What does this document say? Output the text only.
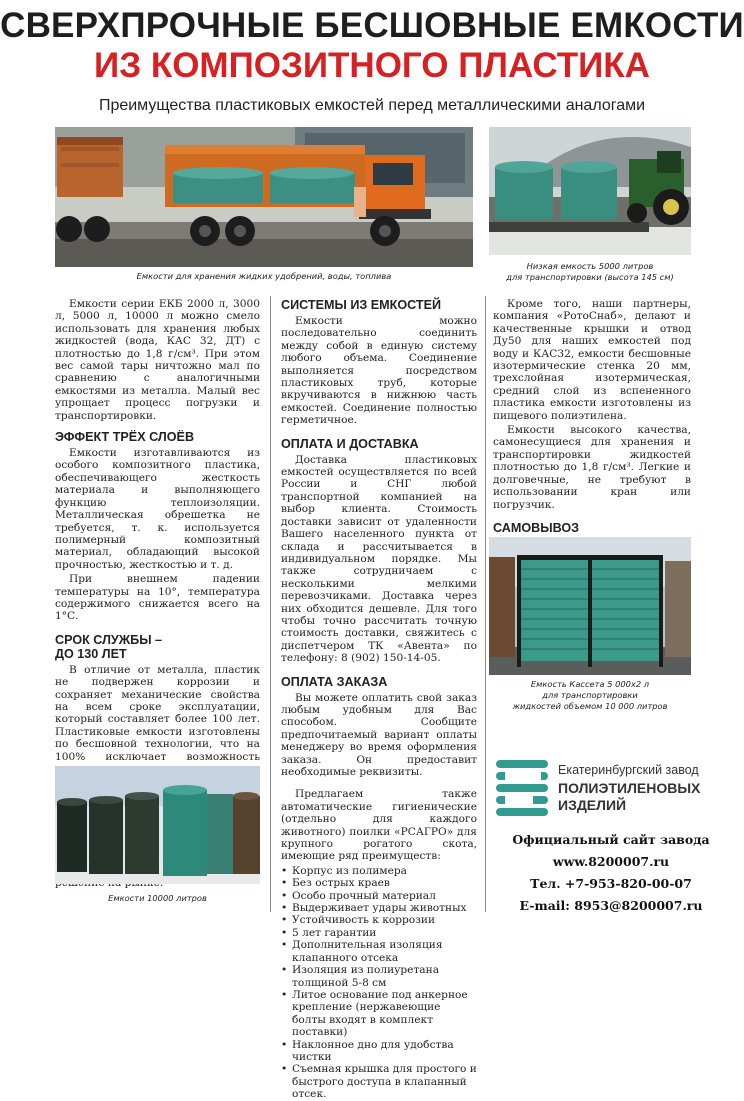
СВЕРХПРОЧНЫЕ БЕСШОВНЫЕ ЕМКОСТИ
ИЗ КОМПОЗИТНОГО ПЛАСТИКА
Преимущества пластиковых емкостей перед металлическими аналогами
Емкости для хранения жидких удобрений, воды, топлива
Низкая емкость 5000 литров
для транспортировки (высота 145 см)

Емкости серии ЕКБ 2000 л, 3000 л, 5000 л, 10000 л можно смело использовать для хранения любых жидкостей (вода, КАС 32, ДТ) с плотностью до 1,8 г/см³. При этом вес самой тары ничтожно мал по сравнению с аналогичными емкостями из металла. Малый вес упрощает процесс погрузки и транспортировки.

ЭФФЕКТ ТРЁХ СЛОЁВ

Емкости изготавливаются из особого композитного пластика, обеспечивающего жесткость материала и выполняющего функцию теплоизоляции. Металлическая обрешетка не требуется, т. к. используется полимерный композитный материал, обладающий высокой прочностью, жесткостью и т. д.

При внешнем падении температуры на 10°, температура содержимого снижается всего на 1°С.

СРОК СЛУЖБЫ –
ДО 130 ЛЕТ

В отличие от металла, пластик не подвержен коррозии и сохраняет механические свойства на всем сроке эксплуатации, который составляет более 100 лет. Пластиковые емкости изготовлены по бесшовной технологии, что на 100% исключает возможность

Емкости 10000 литров
СИСТЕМЫ ИЗ ЕМКОСТЕЙ

Емкости можно последовательно соединить между собой в единую систему любого объема. Соединение выполняется посредством пластиковых труб, которые вкручиваются в нижнюю часть емкостей. Соединение полностью герметичное.

ОПЛАТА И ДОСТАВКА

Доставка пластиковых емкостей осуществляется по всей России и СНГ любой транспортной компанией на выбор клиента. Стоимость доставки зависит от удаленности Вашего населенного пункта от склада и рассчитывается в индивидуальном порядке. Мы также сотрудничаем с несколькими мелкими перевозчиками. Доставка через них обходится дешевле. Для того чтобы точно рассчитать точную стоимость доставки, свяжитесь с диспетчером ТК «Авента» по телефону: 8 (902) 150-14-05.

ОПЛАТА ЗАКАЗА

Вы можете оплатить свой заказ любым удобным для Вас способом. Сообщите предпочитаемый вариант оплаты менеджеру во время оформления заказа. Он предоставит необходимые реквизиты.

Предлагаем также автоматические гигиенические (отдельно для каждого животного) поилки «РСАГРО» для крупного рогатого скота, имеющие ряд преимуществ:

• Корпус из полимера
• Без острых краев
• Особо прочный материал
• Выдерживает удары животных
• Устойчивость к коррозии
• 5 лет гарантии
• Дополнительная изоляция клапанного отсека
• Изоляция из полиуретана толщиной 5-8 см
• Литое основание под анкерное крепление (нержавеющие болты входят в комплект поставки)
• Наклонное дно для удобства чистки
• Съемная крышка для простого и быстрого доступа в клапанный отсек.

Кроме того, наши партнеры, компания «РотоСнаб», делают и качественные крышки и отвод Ду50 для наших емкостей под воду и КАС32, емкости бесшовные изотермические стенка 20 мм, трехслойная изотермическая, средний слой из вспененного пластика емкости изготовлены из пищевого полиэтилена.

Емкости высокого качества, самонесущиеся для хранения и транспортировки жидкостей плотностью до 1,8 г/см³. Легкие и долговечные, не требуют в использовании кран или погрузчик.

САМОВЫВОЗ

Емкость Кассета 5 000х2 л
для транспортировки
жидкостей объемом 10 000 литров
Екатеринбургский завод
ПОЛИЭТИЛЕНОВЫХ
ИЗДЕЛИЙ
Официальный сайт завода
www.8200007.ru
Тел. +7-953-820-00-07
E-mail: 8953@8200007.ru
